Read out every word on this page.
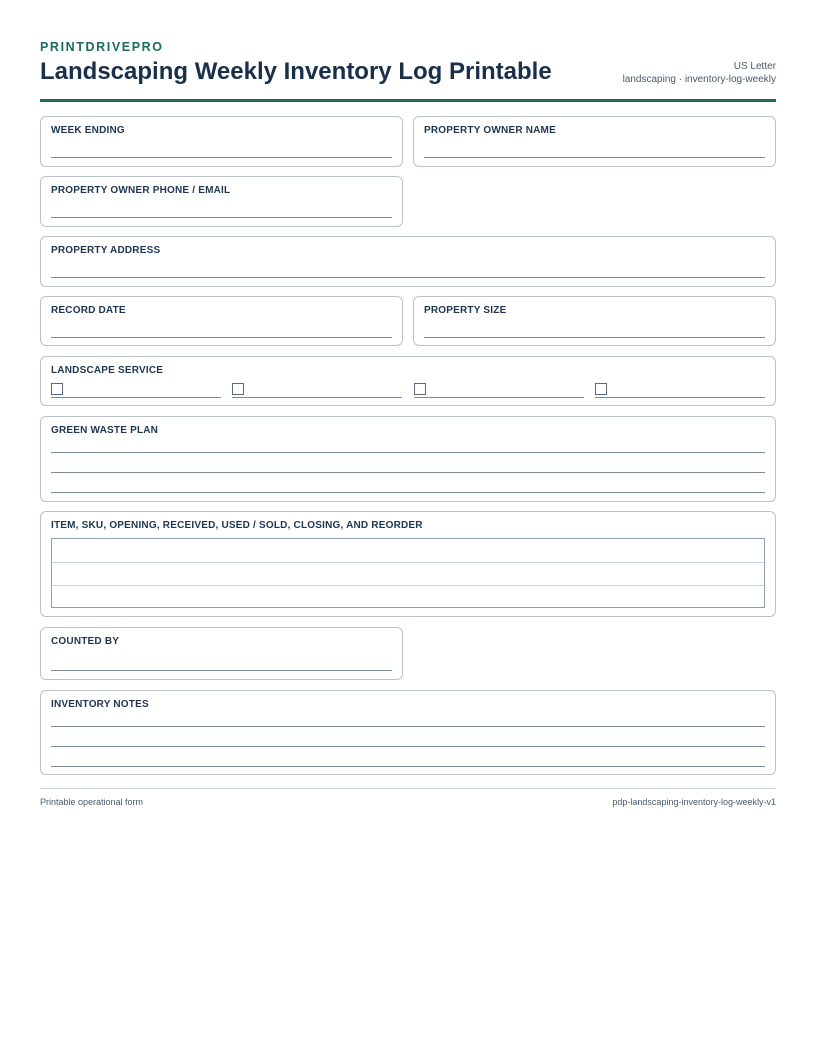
PRINTDRIVEPRO
Landscaping Weekly Inventory Log Printable	US Letter
landscaping · inventory-log-weekly
WEEK ENDING	PROPERTY OWNER NAME
PROPERTY OWNER PHONE / EMAIL
PROPERTY ADDRESS
RECORD DATE	PROPERTY SIZE
LANDSCAPE SERVICE
GREEN WASTE PLAN
ITEM, SKU, OPENING, RECEIVED, USED / SOLD, CLOSING, AND REORDER
COUNTED BY
INVENTORY NOTES
Printable operational form	pdp-landscaping-inventory-log-weekly-v1
